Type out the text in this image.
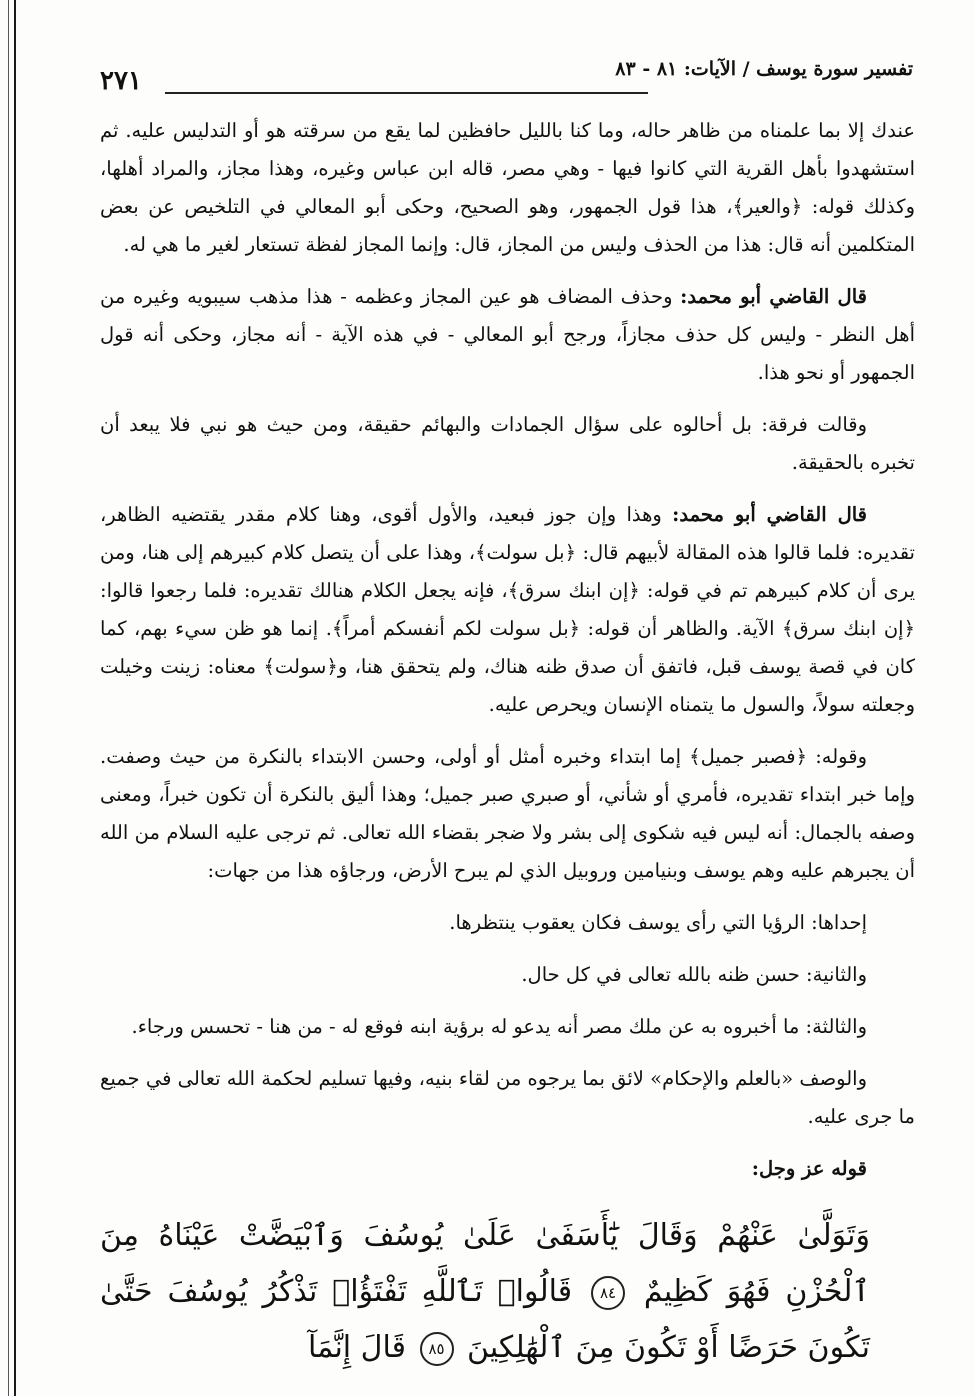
تفسير سورة يوسف / الآيات: ٨١ - ٨٣
٢٧١

عندك إلا بما علمناه من ظاهر حاله، وما كنا بالليل حافظين لما يقع من سرقته هو أو التدليس عليه. ثم استشهدوا بأهل القرية التي كانوا فيها - وهي مصر، قاله ابن عباس وغيره، وهذا مجاز، والمراد أهلها، وكذلك قوله: ﴿والعير﴾، هذا قول الجمهور، وهو الصحيح، وحكى أبو المعالي في التلخيص عن بعض المتكلمين أنه قال: هذا من الحذف وليس من المجاز، قال: وإنما المجاز لفظة تستعار لغير ما هي له.

قال القاضي أبو محمد: وحذف المضاف هو عين المجاز وعظمه - هذا مذهب سيبويه وغيره من أهل النظر - وليس كل حذف مجازاً، ورجح أبو المعالي - في هذه الآية - أنه مجاز، وحكى أنه قول الجمهور أو نحو هذا.

وقالت فرقة: بل أحالوه على سؤال الجمادات والبهائم حقيقة، ومن حيث هو نبي فلا يبعد أن تخبره بالحقيقة.

قال القاضي أبو محمد: وهذا وإن جوز فبعيد، والأول أقوى، وهنا كلام مقدر يقتضيه الظاهر، تقديره: فلما قالوا هذه المقالة لأبيهم قال: ﴿بل سولت﴾، وهذا على أن يتصل كلام كبيرهم إلى هنا، ومن يرى أن كلام كبيرهم تم في قوله: ﴿إن ابنك سرق﴾، فإنه يجعل الكلام هنالك تقديره: فلما رجعوا قالوا: ﴿إن ابنك سرق﴾ الآية. والظاهر أن قوله: ﴿بل سولت لكم أنفسكم أمراً﴾. إنما هو ظن سيء بهم، كما كان في قصة يوسف قبل، فاتفق أن صدق ظنه هناك، ولم يتحقق هنا، و﴿سولت﴾ معناه: زينت وخيلت وجعلته سولاً، والسول ما يتمناه الإنسان ويحرص عليه.

وقوله: ﴿فصبر جميل﴾ إما ابتداء وخبره أمثل أو أولى، وحسن الابتداء بالنكرة من حيث وصفت. وإما خبر ابتداء تقديره، فأمري أو شأني، أو صبري صبر جميل؛ وهذا أليق بالنكرة أن تكون خبراً، ومعنى وصفه بالجمال: أنه ليس فيه شكوى إلى بشر ولا ضجر بقضاء الله تعالى. ثم ترجى عليه السلام من الله أن يجبرهم عليه وهم يوسف وبنيامين وروبيل الذي لم يبرح الأرض، ورجاؤه هذا من جهات:

إحداها: الرؤيا التي رأى يوسف فكان يعقوب ينتظرها.

والثانية: حسن ظنه بالله تعالى في كل حال.

والثالثة: ما أخبروه به عن ملك مصر أنه يدعو له برؤية ابنه فوقع له - من هنا - تحسس ورجاء.

والوصف «بالعلم والإحكام» لائق بما يرجوه من لقاء بنيه، وفيها تسليم لحكمة الله تعالى في جميع ما جرى عليه.

قوله عز وجل:

وَتَوَلَّىٰ عَنْهُمْ وَقَالَ يَٰٓأَسَفَىٰ عَلَىٰ يُوسُفَ وَٱبْيَضَّتْ عَيْنَاهُ مِنَ ٱلْحُزْنِ فَهُوَ كَظِيمٌ ٨٤ قَالُوا۟ تَٱللَّهِ تَفْتَؤُا۟ تَذْكُرُ يُوسُفَ حَتَّىٰ تَكُونَ حَرَضًا أَوْ تَكُونَ مِنَ ٱلْهَٰلِكِينَ ٨٥ قَالَ إِنَّمَآ
